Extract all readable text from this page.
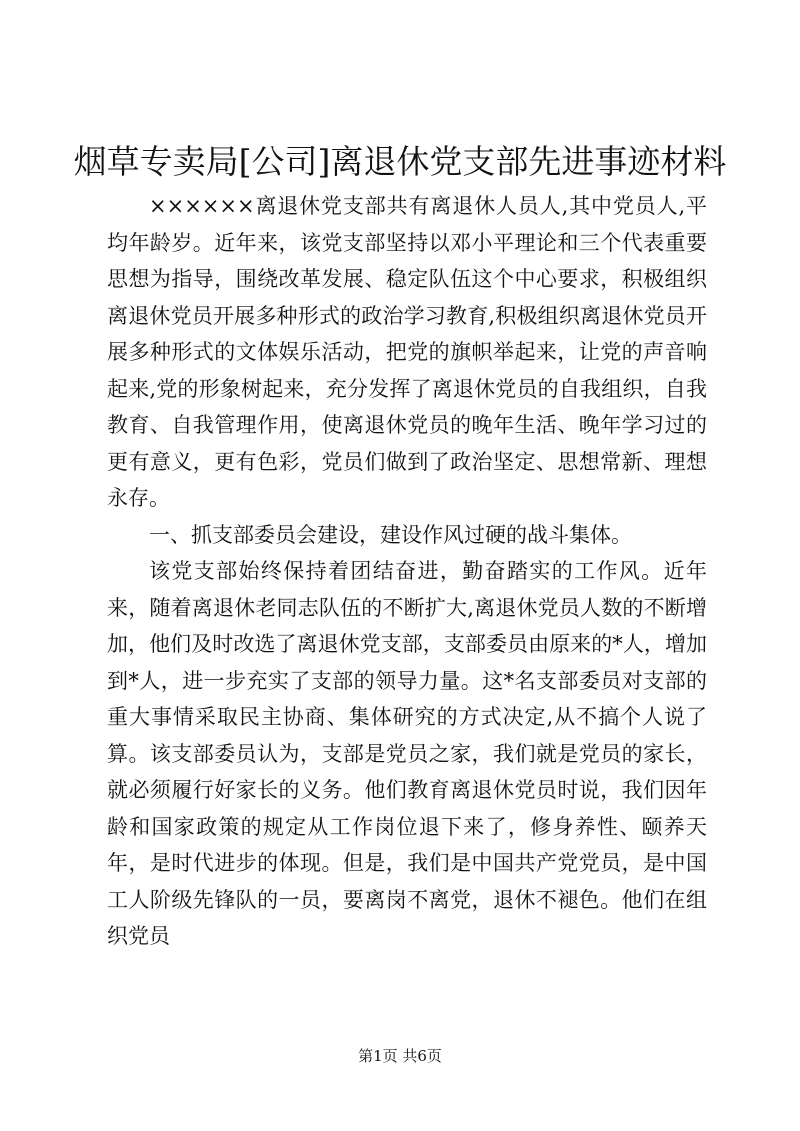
烟草专卖局[公司]离退休党支部先进事迹材料

××××××离退休党支部共有离退休人员人,其中党员人,平均年龄岁。近年来，该党支部坚持以邓小平理论和三个代表重要思想为指导，围绕改革发展、稳定队伍这个中心要求，积极组织离退休党员开展多种形式的政治学习教育,积极组织离退休党员开展多种形式的文体娱乐活动，把党的旗帜举起来，让党的声音响起来,党的形象树起来，充分发挥了离退休党员的自我组织，自我教育、自我管理作用，使离退休党员的晚年生活、晚年学习过的更有意义，更有色彩，党员们做到了政治坚定、思想常新、理想永存。

一、抓支部委员会建设，建设作风过硬的战斗集体。

该党支部始终保持着团结奋进，勤奋踏实的工作风。近年来，随着离退休老同志队伍的不断扩大,离退休党员人数的不断增加，他们及时改选了离退休党支部，支部委员由原来的*人，增加到*人，进一步充实了支部的领导力量。这*名支部委员对支部的重大事情采取民主协商、集体研究的方式决定,从不搞个人说了算。该支部委员认为，支部是党员之家，我们就是党员的家长，就必须履行好家长的义务。他们教育离退休党员时说，我们因年龄和国家政策的规定从工作岗位退下来了，修身养性、颐养天年，是时代进步的体现。但是，我们是中国共产党党员，是中国工人阶级先锋队的一员，要离岗不离党，退休不褪色。他们在组织党员

第1页 共6页
